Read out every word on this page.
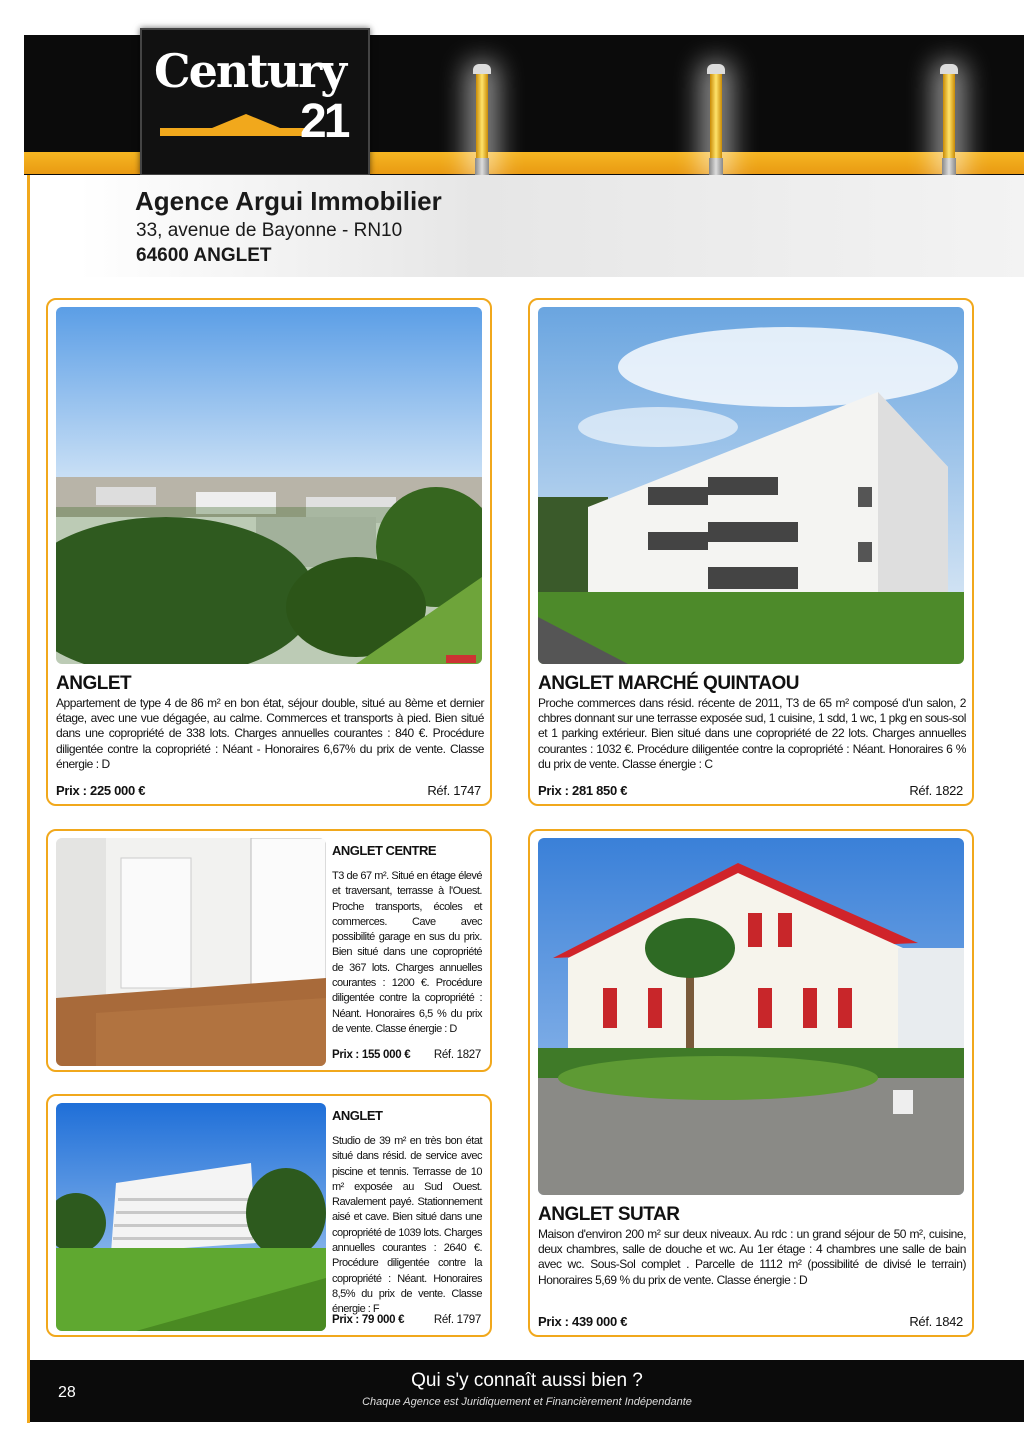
Century
21
Agence Argui Immobilier
33, avenue de Bayonne - RN10
64600 ANGLET
ANGLET
Appartement de type 4 de 86 m² en bon état, séjour double, situé au 8ème et dernier étage, avec une vue dégagée, au calme. Commerces et transports à pied. Bien situé dans une copropriété de 338 lots. Charges annuelles courantes : 840 €. Procédure diligentée contre la copropriété : Néant - Honoraires 6,67% du prix de vente. Classe énergie : D
Prix : 225 000 €	Réf. 1747
ANGLET MARCHÉ QUINTAOU
Proche commerces dans résid. récente de 2011, T3 de 65 m² composé d'un salon, 2 chbres donnant sur une terrasse exposée sud, 1 cuisine, 1 sdd, 1 wc, 1 pkg en sous-sol et 1 parking extérieur. Bien situé dans une copropriété de 22 lots. Charges annuelles courantes : 1032 €. Procédure diligentée contre la copropriété : Néant. Honoraires 6 % du prix de vente. Classe énergie : C
Prix : 281 850 €	Réf. 1822
ANGLET CENTRE
T3 de 67 m². Situé en étage élevé et traversant, terrasse à l'Ouest. Proche transports, écoles et commerces. Cave avec possibilité garage en sus du prix. Bien situé dans une copropriété de 367 lots. Charges annuelles courantes : 1200 €. Procédure diligentée contre la copropriété : Néant. Honoraires 6,5 % du prix de vente. Classe énergie : D
Prix : 155 000 € Réf. 1827
ANGLET SUTAR
Maison d'environ 200 m² sur deux niveaux. Au rdc : un grand séjour de 50 m², cuisine, deux chambres, salle de douche et wc. Au 1er étage : 4 chambres une salle de bain avec wc. Sous-Sol complet . Parcelle de 1112 m² (possibilité de divisé le terrain) Honoraires 5,69 % du prix de vente. Classe énergie : D
Prix : 439 000 €	Réf. 1842
ANGLET
Studio de 39 m² en très bon état situé dans résid. de service avec piscine et tennis. Terrasse de 10 m² exposée au Sud Ouest. Ravalement payé. Stationnement aisé et cave. Bien situé dans une copropriété de 1039 lots. Charges annuelles courantes : 2640 €. Procédure diligentée contre la copropriété : Néant. Honoraires 8,5% du prix de vente. Classe énergie : F
Prix : 79 000 €	Réf. 1797
28
Qui s'y connaît aussi bien ?
Chaque Agence est Juridiquement et Financièrement Indépendante
